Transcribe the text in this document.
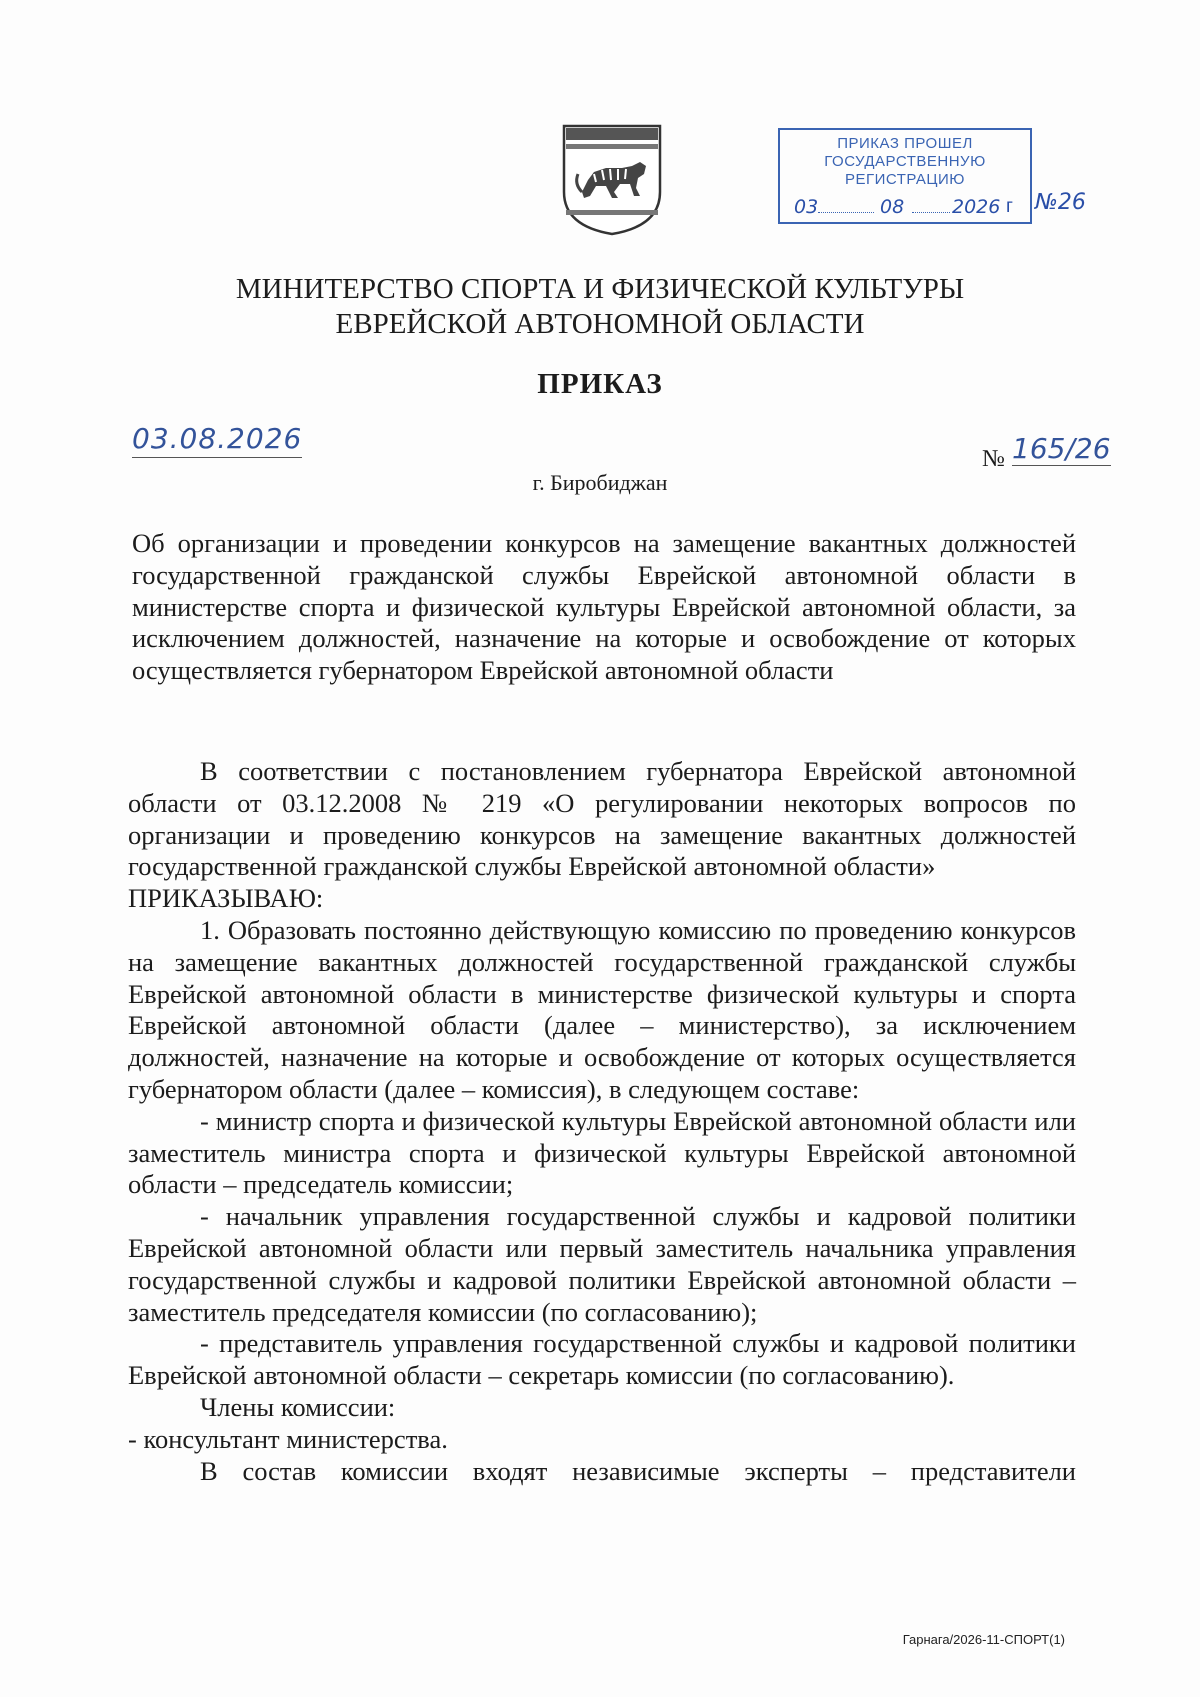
ПРИКАЗ ПРОШЕЛ
ГОСУДАРСТВЕННУЮ
РЕГИСТРАЦИЮ
03	08	2026 г №26
МИНИТЕРСТВО СПОРТА И ФИЗИЧЕСКОЙ КУЛЬТУРЫ
ЕВРЕЙСКОЙ АВТОНОМНОЙ ОБЛАСТИ
ПРИКАЗ
03.08.2026
№ 165/26
г. Биробиджан
Об организации и проведении конкурсов на замещение вакантных должностей государственной гражданской службы Еврейской автономной области в министерстве спорта и физической культуры Еврейской автономной области, за исключением должностей, назначение на которые и освобождение от которых осуществляется губернатором Еврейской автономной области

В соответствии с постановлением губернатора Еврейской автономной области от 03.12.2008 № 219 «О регулировании некоторых вопросов по организации и проведению конкурсов на замещение вакантных должностей государственной гражданской службы Еврейской автономной области»

ПРИКАЗЫВАЮ:

1. Образовать постоянно действующую комиссию по проведению конкурсов на замещение вакантных должностей государственной гражданской службы Еврейской автономной области в министерстве физической культуры и спорта Еврейской автономной области (далее – министерство), за исключением должностей, назначение на которые и освобождение от которых осуществляется губернатором области (далее – комиссия), в следующем составе:

- министр спорта и физической культуры Еврейской автономной области или заместитель министра спорта и физической культуры Еврейской автономной области – председатель комиссии;

- начальник управления государственной службы и кадровой политики Еврейской автономной области или первый заместитель начальника управления государственной службы и кадровой политики Еврейской автономной области – заместитель председателя комиссии (по согласованию);

- представитель управления государственной службы и кадровой политики Еврейской автономной области – секретарь комиссии (по согласованию).

Члены комиссии:

- консультант министерства.

В состав комиссии входят независимые эксперты – представители

Гарнага/2026-11-СПОРТ(1)
